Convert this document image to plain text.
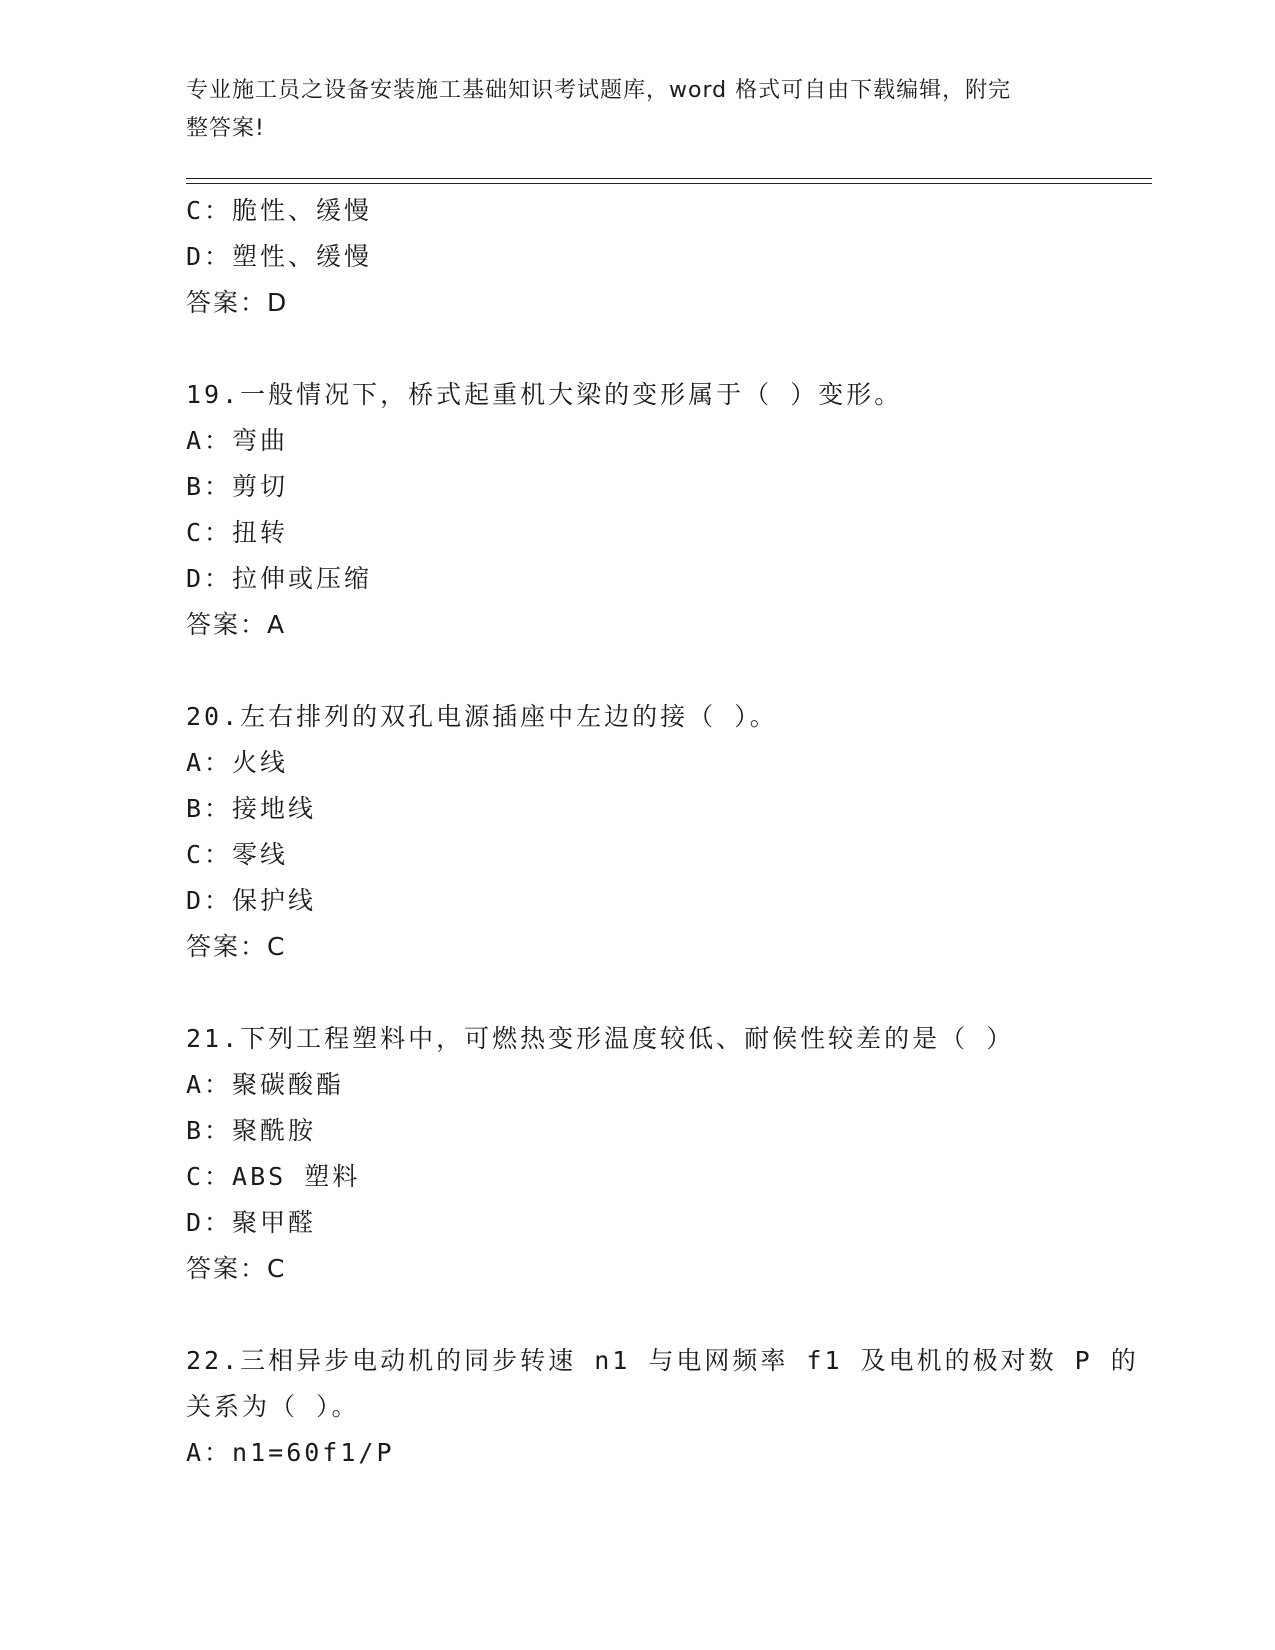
专业施工员之设备安装施工基础知识考试题库，word 格式可自由下载编辑，附完
整答案!
C：脆性、缓慢
D：塑性、缓慢
答案：D
19.一般情况下，桥式起重机大梁的变形属于（ ）变形。
A：弯曲
B：剪切
C：扭转
D：拉伸或压缩
答案：A
20.左右排列的双孔电源插座中左边的接（ ）。
A：火线
B：接地线
C：零线
D：保护线
答案：C
21.下列工程塑料中，可燃热变形温度较低、耐候性较差的是（ ）
A：聚碳酸酯
B：聚酰胺
C：ABS 塑料
D：聚甲醛
答案：C
22.三相异步电动机的同步转速 n1 与电网频率 f1 及电机的极对数 P 的
关系为（ ）。
A：n1=60f1/P
